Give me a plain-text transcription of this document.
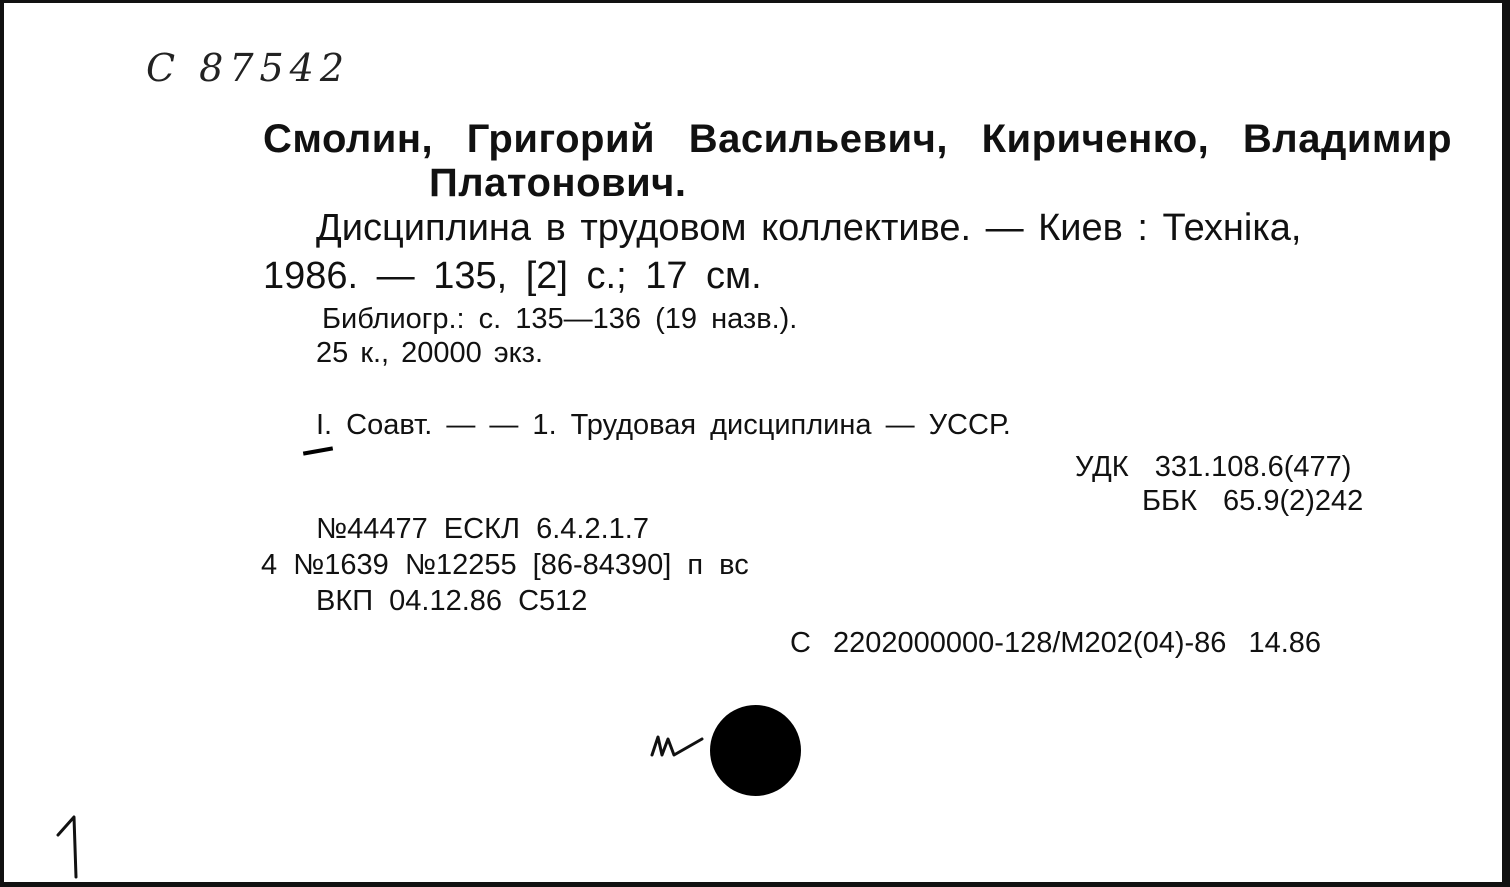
С 87542
Смолин, Григорий Васильевич, Кириченко, Владимир
Платонович.
Дисциплина в трудовом коллективе. — Киев : Техніка,
1986. — 135, [2] с.; 17 см.
Библиогр.: с. 135—136 (19 назв.).
25 к., 20000 экз.
I. Соавт. — — 1. Трудовая дисциплина — УССР.
УДК 331.108.6(477)
ББК 65.9(2)242
№44477 ЕСКЛ 6.4.2.1.7
4 №1639 №12255 [86-84390] п вс
ВКП 04.12.86 С512
С 2202000000-128/М202(04)-86 14.86
